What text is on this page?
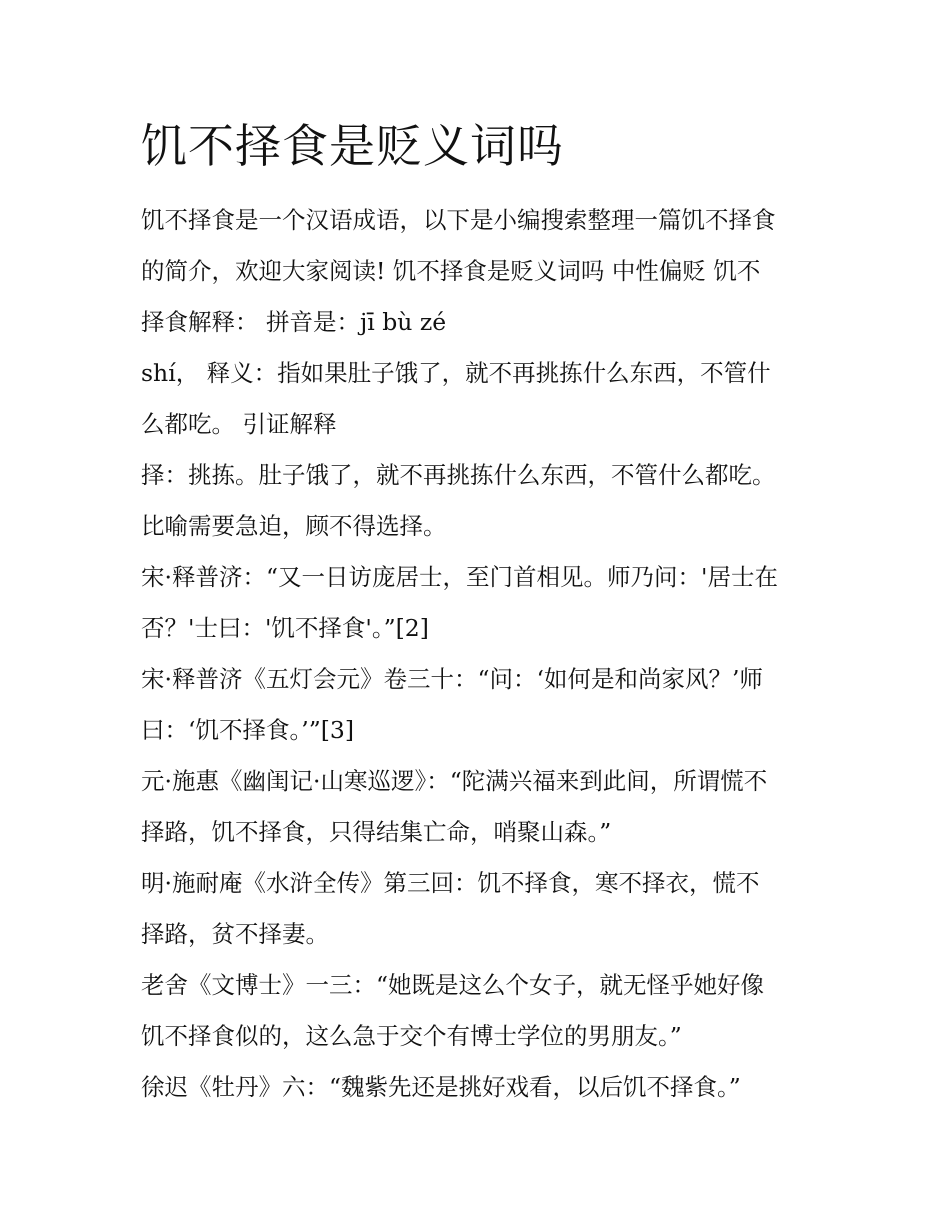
饥不择食是贬义词吗

饥不择食是一个汉语成语，以下是小编搜索整理一篇饥不择食

的简介，欢迎大家阅读! 饥不择食是贬义词吗 中性偏贬 饥不

择食解释： 拼音是：jī bù zé

shí， 释义：指如果肚子饿了，就不再挑拣什么东西，不管什

么都吃。 引证解释

择：挑拣。肚子饿了，就不再挑拣什么东西，不管什么都吃。

比喻需要急迫，顾不得选择。

宋·释普济：“又一日访庞居士，至门首相见。师乃问：'居士在

否？'士曰：'饥不择食'。”[2]

宋·释普济《五灯会元》卷三十：“问：‘如何是和尚家风？’师

曰：‘饥不择食。’”[3]

元·施惠《幽闺记·山寒巡逻》：“陀满兴福来到此间，所谓慌不

择路，饥不择食，只得结集亡命，哨聚山森。”

明·施耐庵《水浒全传》第三回：饥不择食，寒不择衣，慌不

择路，贫不择妻。

老舍《文博士》一三：“她既是这么个女子，就无怪乎她好像

饥不择食似的，这么急于交个有博士学位的男朋友。”

徐迟《牡丹》六：“魏紫先还是挑好戏看，以后饥不择食。”
